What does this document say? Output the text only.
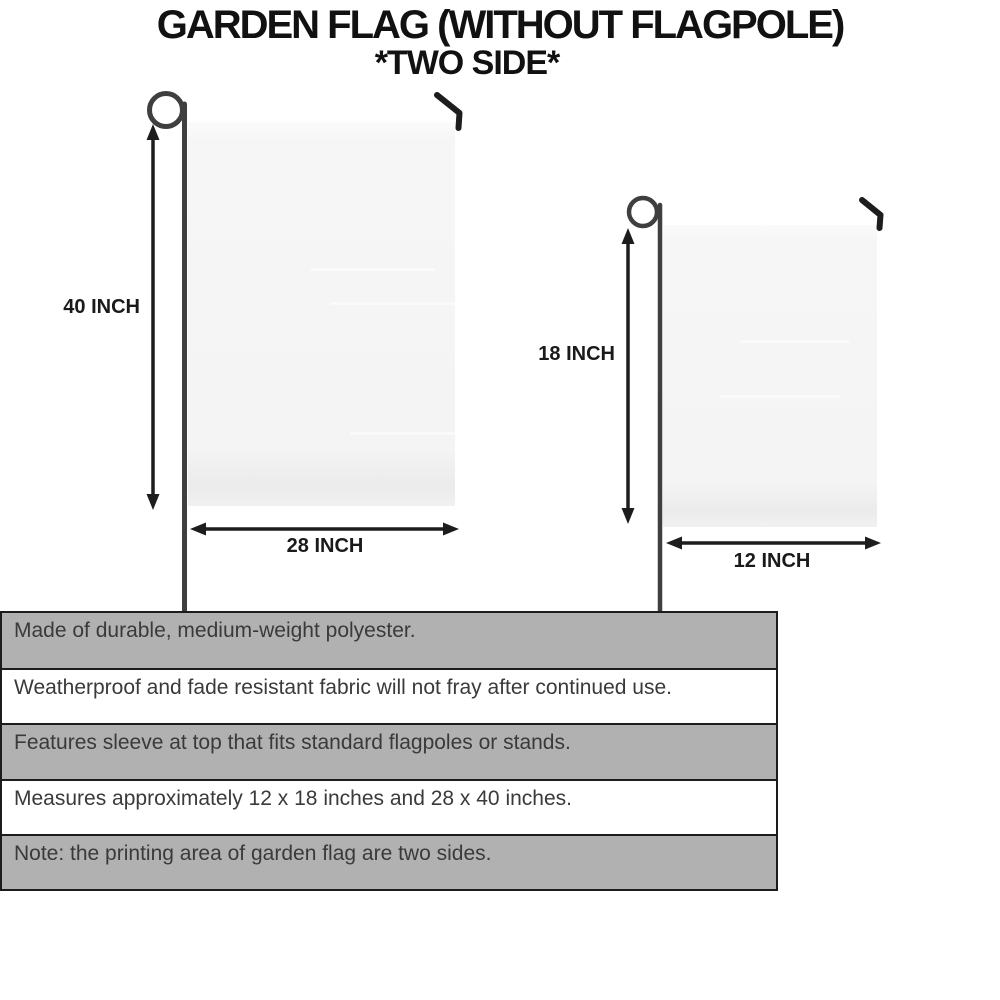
GARDEN FLAG (WITHOUT FLAGPOLE)
*TWO SIDE*
40 INCH
28 INCH
18 INCH
12 INCH
Made of durable, medium-weight polyester.
Weatherproof and fade resistant fabric will not fray after continued use.
Features sleeve at top that fits standard flagpoles or stands.
Measures approximately 12 x 18 inches and 28 x 40 inches.
Note: the printing area of garden flag are two sides.
